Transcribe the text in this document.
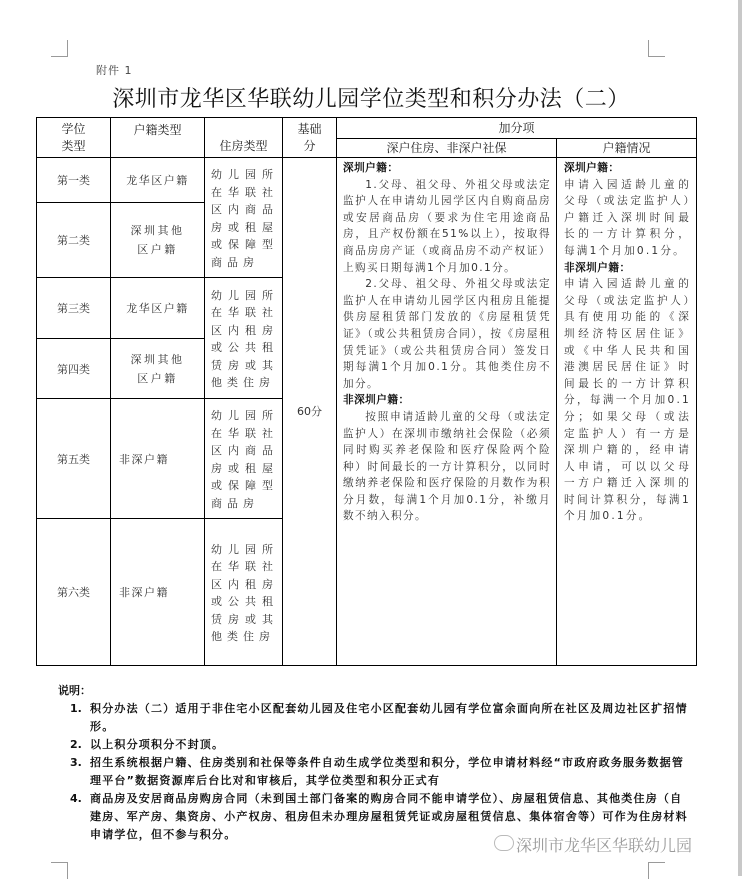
附件 1
深圳市龙华区华联幼儿园学位类型和积分办法（二）
学位
类型
户籍类型
住房类型
基础
分
加分项
深户住房、非深户社保	户籍情况
第一类
第二类
第三类
第四类
第五类
第六类
龙华区户籍
深圳其他区户籍
龙华区户籍
深圳其他区户籍
非深户籍
非深户籍
幼儿园所在华联社区内商品房或租屋或保障型商品房
幼儿园所在华联社区内租房或公共租赁房或其他类住房
幼儿园所在华联社区内商品房或租屋或保障型商品房
幼儿园所在华联社区内租房或公共租赁房或其他类住房
60分
深圳户籍：
1.父母、祖父母、外祖父母或法定监护人在申请幼儿园学区内自购商品房或安居商品房（要求为住宅用途商品房，且产权份额在51%以上），按取得商品房房产证（或商品房不动产权证）上购买日期每满1个月加0.1分。
2.父母、祖父母、外祖父母或法定监护人在申请幼儿园学区内租房且能提供房屋租赁部门发放的《房屋租赁凭证》（或公共租赁房合同），按《房屋租赁凭证》（或公共租赁房合同）签发日期每满1个月加0.1分。其他类住房不加分。
非深圳户籍：
按照申请适龄儿童的父母（或法定监护人）在深圳市缴纳社会保险（必须同时购买养老保险和医疗保险两个险种）时间最长的一方计算积分，以同时缴纳养老保险和医疗保险的月数作为积分月数，每满1个月加0.1分，补缴月数不纳入积分。
深圳户籍：
申请入园适龄儿童的父母（或法定监护人）户籍迁入深圳时间最长的一方计算积分，每满1个月加0.1分。
非深圳户籍：
申请入园适龄儿童的父母（或法定监护人）具有使用功能的《深圳经济特区居住证》或《中华人民共和国港澳居民居住证》时间最长的一方计算积分，每满一个月加0.1分；如果父母（或法定监护人）有一方是深圳户籍的，经申请人申请，可以以父母一方户籍迁入深圳的时间计算积分，每满1个月加0.1分。
说明：
1. 积分办法（二）适用于非住宅小区配套幼儿园及住宅小区配套幼儿园有学位富余面向所在社区及周边社区扩招情形。
2. 以上积分项积分不封顶。
3. 招生系统根据户籍、住房类别和社保等条件自动生成学位类型和积分，学位申请材料经“市政府政务服务数据管理平台”数据资源库后台比对和审核后，其学位类型和积分正式有
4. 商品房及安居商品房购房合同（未到国土部门备案的购房合同不能申请学位）、房屋租赁信息、其他类住房（自建房、军产房、集资房、小产权房、租房但未办理房屋租赁凭证或房屋租赁信息、集体宿舍等）可作为住房材料申请学位，但不参与积分。
深圳市龙华区华联幼儿园
